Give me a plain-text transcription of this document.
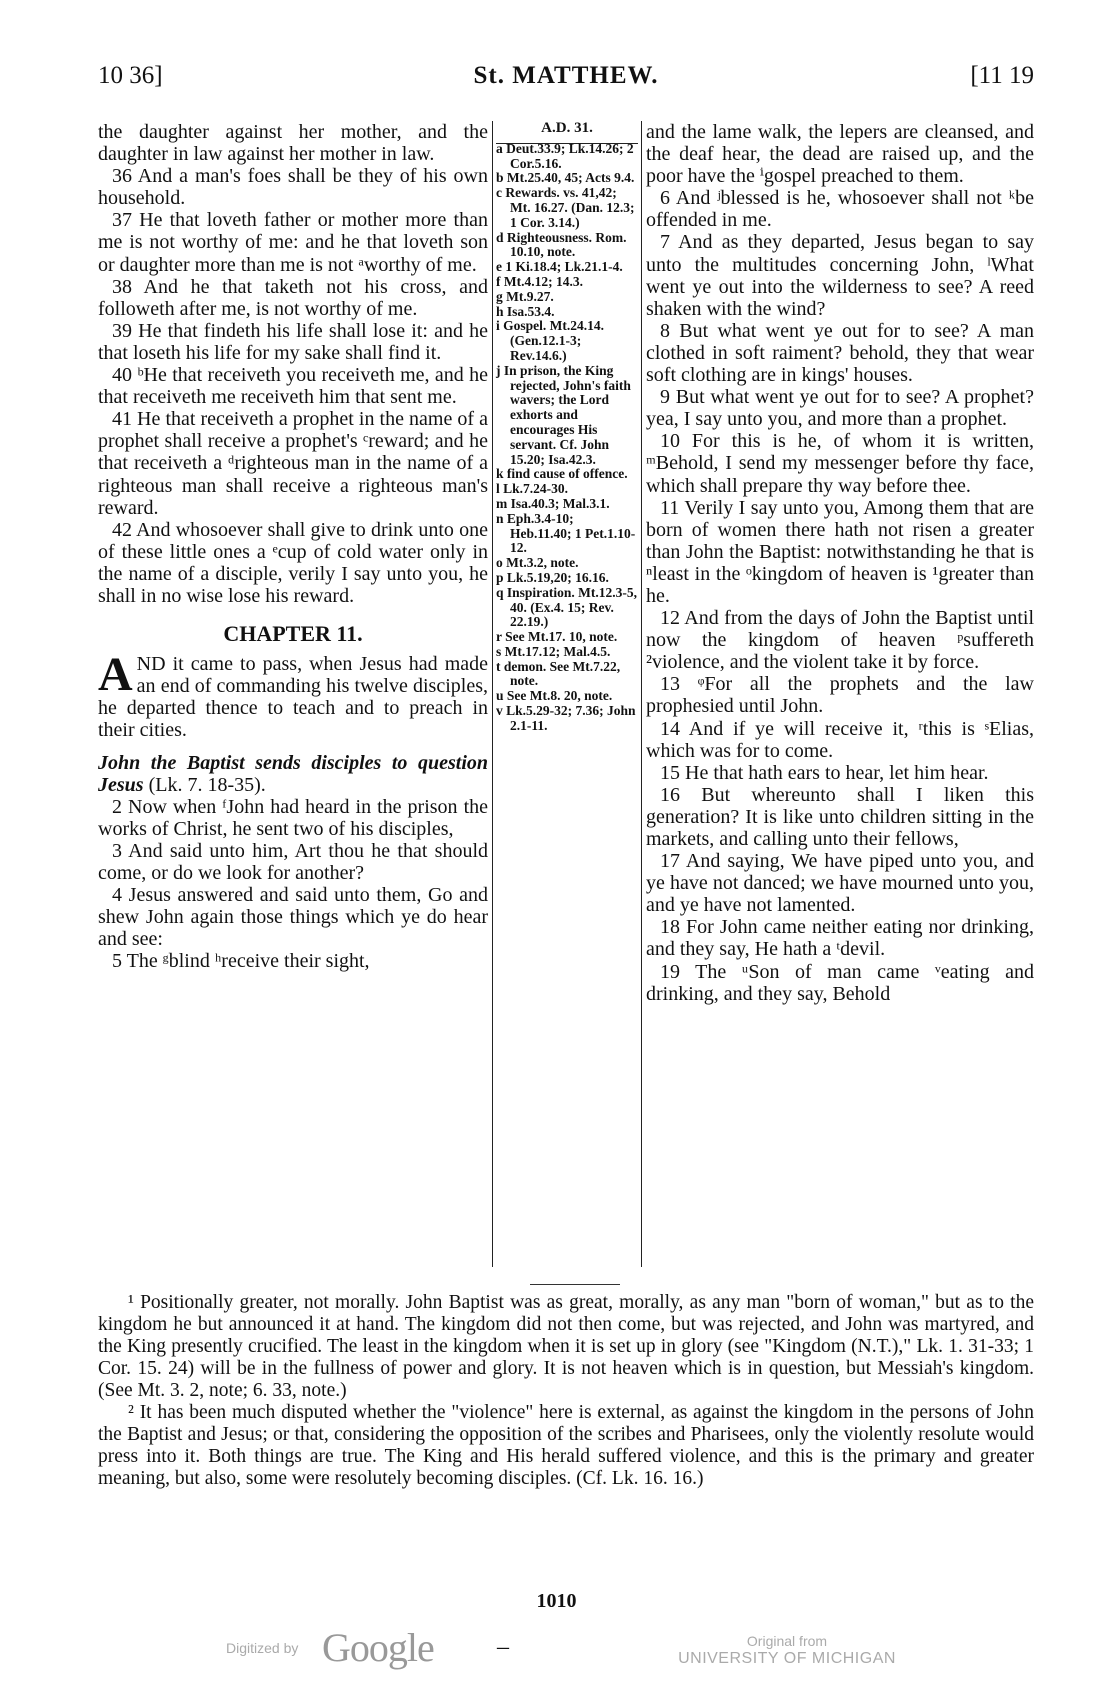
10 36]	St. MATTHEW.	[11 19

the daughter against her mother, and the daughter in law against her mother in law.

36 And a man's foes shall be they of his own household.

37 He that loveth father or mother more than me is not worthy of me: and he that loveth son or daughter more than me is not ᵃworthy of me.

38 And he that taketh not his cross, and followeth after me, is not worthy of me.

39 He that findeth his life shall lose it: and he that loseth his life for my sake shall find it.

40 ᵇHe that receiveth you receiveth me, and he that receiveth me receiveth him that sent me.

41 He that receiveth a prophet in the name of a prophet shall receive a prophet's ᶜreward; and he that receiveth a ᵈrighteous man in the name of a righteous man shall receive a righteous man's reward.

42 And whosoever shall give to drink unto one of these little ones a ᵉcup of cold water only in the name of a disciple, verily I say unto you, he shall in no wise lose his reward.

CHAPTER 11.

AND it came to pass, when Jesus had made an end of commanding his twelve disciples, he departed thence to teach and to preach in their cities.

John the Baptist sends disciples to question Jesus (Lk. 7. 18-35).

2 Now when ᶠJohn had heard in the prison the works of Christ, he sent two of his disciples,

3 And said unto him, Art thou he that should come, or do we look for another?

4 Jesus answered and said unto them, Go and shew John again those things which ye do hear and see:

5 The ᵍblind ʰreceive their sight,

A.D. 31.
a Deut.33.9; Lk.14.26; 2 Cor.5.16.
b Mt.25.40, 45; Acts 9.4.
c Rewards. vs. 41,42; Mt. 16.27. (Dan. 12.3; 1 Cor. 3.14.)
d Righteousness. Rom. 10.10, note.
e 1 Ki.18.4; Lk.21.1-4.
f Mt.4.12; 14.3.
g Mt.9.27.
h Isa.53.4.
i Gospel. Mt.24.14. (Gen.12.1-3; Rev.14.6.)
j In prison, the King rejected, John's faith wavers; the Lord exhorts and encourages His servant. Cf. John 15.20; Isa.42.3.
k find cause of offence.
l Lk.7.24-30.
m Isa.40.3; Mal.3.1.
n Eph.3.4-10; Heb.11.40; 1 Pet.1.10-12.
o Mt.3.2, note.
p Lk.5.19,20; 16.16.
q Inspiration. Mt.12.3-5, 40. (Ex.4. 15; Rev. 22.19.)
r See Mt.17. 10, note.
s Mt.17.12; Mal.4.5.
t demon. See Mt.7.22, note.
u See Mt.8. 20, note.
v Lk.5.29-32; 7.36; John 2.1-11.

and the lame walk, the lepers are cleansed, and the deaf hear, the dead are raised up, and the poor have the ⁱgospel preached to them.

6 And ʲblessed is he, whosoever shall not ᵏbe offended in me.

7 And as they departed, Jesus began to say unto the multitudes concerning John, ˡWhat went ye out into the wilderness to see? A reed shaken with the wind?

8 But what went ye out for to see? A man clothed in soft raiment? behold, they that wear soft clothing are in kings' houses.

9 But what went ye out for to see? A prophet? yea, I say unto you, and more than a prophet.

10 For this is he, of whom it is written, ᵐBehold, I send my messenger before thy face, which shall prepare thy way before thee.

11 Verily I say unto you, Among them that are born of women there hath not risen a greater than John the Baptist: notwithstanding he that is ⁿleast in the ᵒkingdom of heaven is ¹greater than he.

12 And from the days of John the Baptist until now the kingdom of heaven ᵖsuffereth ²violence, and the violent take it by force.

13 ᵠFor all the prophets and the law prophesied until John.

14 And if ye will receive it, ʳthis is ˢElias, which was for to come.

15 He that hath ears to hear, let him hear.

16 But whereunto shall I liken this generation? It is like unto children sitting in the markets, and calling unto their fellows,

17 And saying, We have piped unto you, and ye have not danced; we have mourned unto you, and ye have not lamented.

18 For John came neither eating nor drinking, and they say, He hath a ᵗdevil.

19 The ᵘSon of man came ᵛeating and drinking, and they say, Behold

¹ Positionally greater, not morally. John Baptist was as great, morally, as any man "born of woman," but as to the kingdom he but announced it at hand. The kingdom did not then come, but was rejected, and John was martyred, and the King presently crucified. The least in the kingdom when it is set up in glory (see "Kingdom (N.T.)," Lk. 1. 31-33; 1 Cor. 15. 24) will be in the fullness of power and glory. It is not heaven which is in question, but Messiah's kingdom. (See Mt. 3. 2, note; 6. 33, note.)

² It has been much disputed whether the "violence" here is external, as against the kingdom in the persons of John the Baptist and Jesus; or that, considering the opposition of the scribes and Pharisees, only the violently resolute would press into it. Both things are true. The King and His herald suffered violence, and this is the primary and greater meaning, but also, some were resolutely becoming disciples. (Cf. Lk. 16. 16.)

1010
Digitized by Google	–	Original from
UNIVERSITY OF MICHIGAN
